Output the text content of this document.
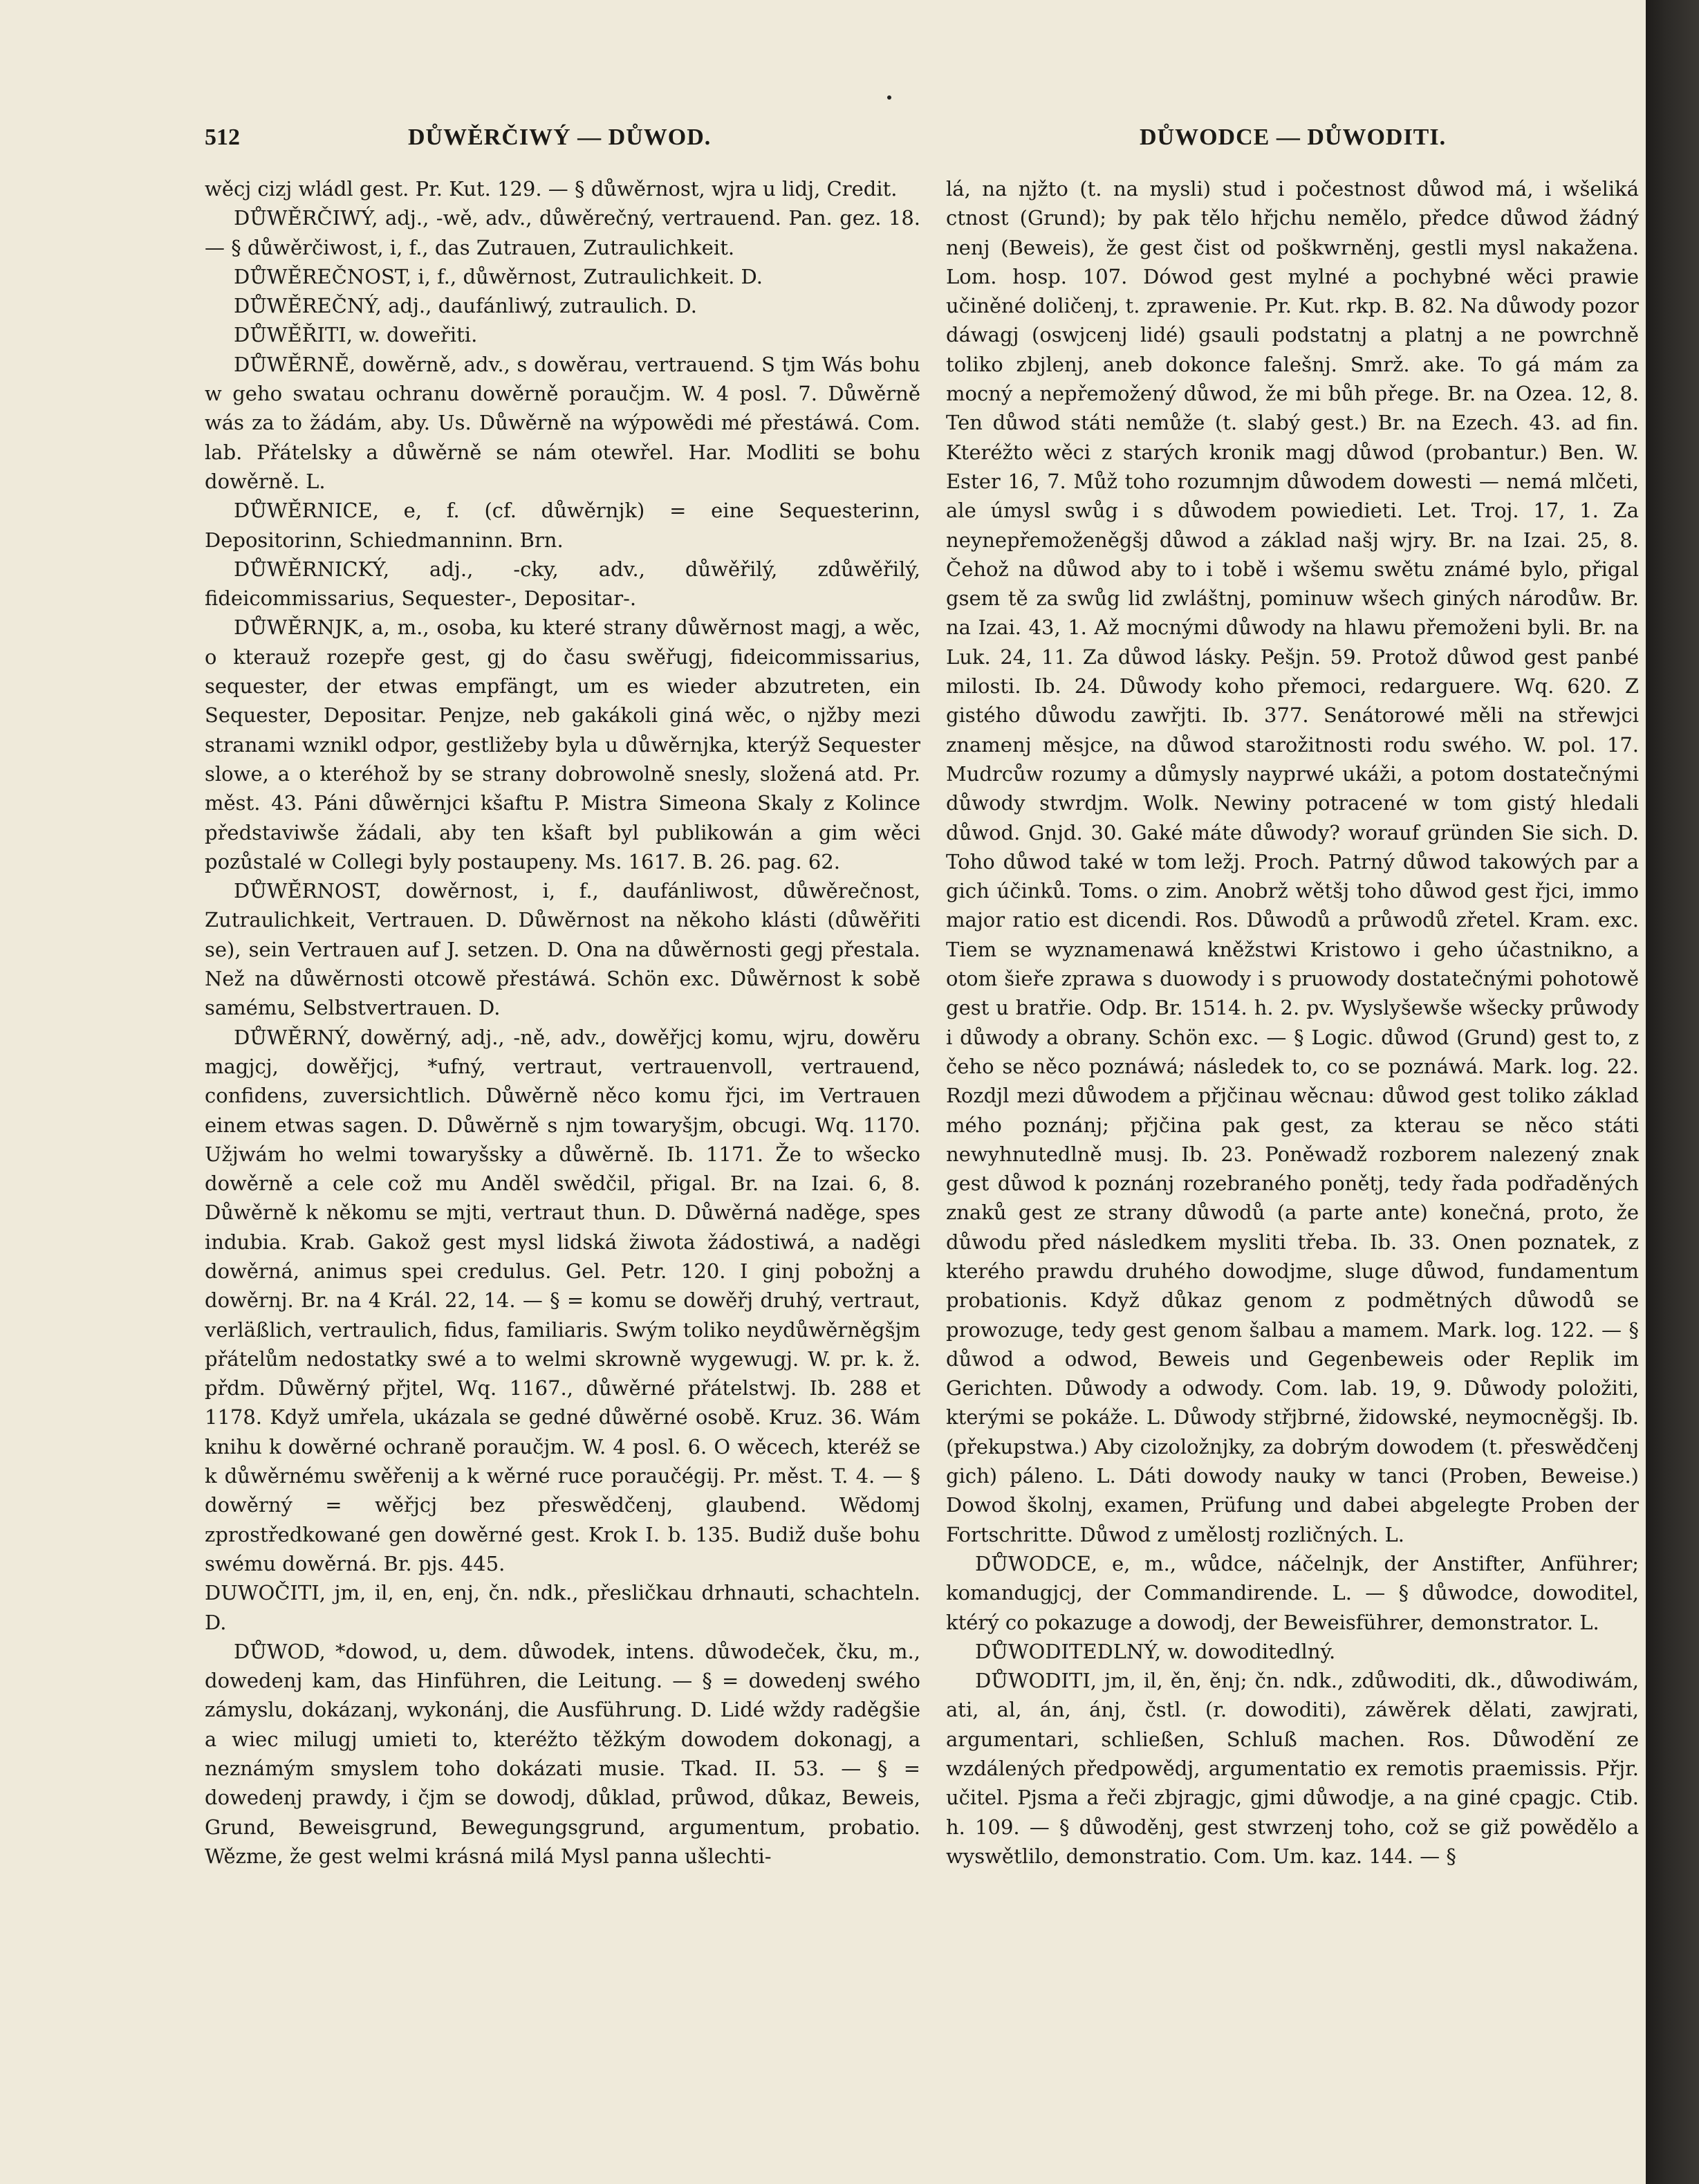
512	DŮWĚRČIWÝ — DŮWOD.	DŮWODCE — DŮWODITI.

wěcj cizj wládl gest. Pr. Kut. 129. — § důwěrnost, wjra u lidj, Credit.

DŮWĚRČIWÝ, adj., -wě, adv., důwěrečný, vertrauend. Pan. gez. 18. — § důwěrčiwost, i, f., das Zutrauen, Zutraulichkeit.

DŮWĚREČNOST, i, f., důwěrnost, Zutraulichkeit. D.

DŮWĚREČNÝ, adj., daufánliwý, zutraulich. D.

DŮWĚŘITI, w. doweřiti.

DŮWĚRNĚ, dowěrně, adv., s dowěrau, vertrauend. S tjm Wás bohu w geho swatau ochranu dowěrně poraučjm. W. 4 posl. 7. Důwěrně wás za to žádám, aby. Us. Důwěrně na wýpowědi mé přestáwá. Com. lab. Přátelsky a důwěrně se nám otewřel. Har. Modliti se bohu dowěrně. L.

DŮWĚRNICE, e, f. (cf. důwěrnjk) = eine Sequesterinn, Depositorinn, Schiedmanninn. Brn.

DŮWĚRNICKÝ, adj., -cky, adv., důwěřilý, zdůwěřilý, fideicommissarius, Sequester-, Depositar-.

DŮWĚRNJK, a, m., osoba, ku které strany důwěrnost magj, a wěc, o kterauž rozepře gest, gj do času swěřugj, fideicommissarius, sequester, der etwas empfängt, um es wieder abzutreten, ein Sequester, Depositar. Penjze, neb gakákoli giná wěc, o njžby mezi stranami wznikl odpor, gestližeby byla u důwěrnjka, kterýž Sequester slowe, a o kteréhož by se strany dobrowolně snesly, složená atd. Pr. měst. 43. Páni důwěrnjci kšaftu P. Mistra Simeona Skaly z Kolince představiwše žádali, aby ten kšaft byl publikowán a gim wěci pozůstalé w Collegi byly postaupeny. Ms. 1617. B. 26. pag. 62.

DŮWĚRNOST, dowěrnost, i, f., daufánliwost, důwěrečnost, Zutraulichkeit, Vertrauen. D. Důwěrnost na někoho klásti (důwěřiti se), sein Vertrauen auf J. setzen. D. Ona na důwěrnosti gegj přestala. Než na důwěrnosti otcowě přestáwá. Schön exc. Důwěrnost k sobě samému, Selbstvertrauen. D.

DŮWĚRNÝ, dowěrný, adj., -ně, adv., dowěřjcj komu, wjru, dowěru magjcj, dowěřjcj, *ufný, vertraut, vertrauenvoll, vertrauend, confidens, zuversichtlich. Důwěrně něco komu řjci, im Vertrauen einem etwas sagen. D. Důwěrně s njm towaryšjm, obcugi. Wq. 1170. Užjwám ho welmi towaryšsky a důwěrně. Ib. 1171. Že to wšecko dowěrně a cele což mu Anděl swědčil, přigal. Br. na Izai. 6, 8. Důwěrně k někomu se mjti, vertraut thun. D. Důwěrná naděge, spes indubia. Krab. Gakož gest mysl lidská žiwota žádostiwá, a naděgi dowěrná, animus spei credulus. Gel. Petr. 120. I ginj pobožnj a dowěrnj. Br. na 4 Král. 22, 14. — § = komu se dowěřj druhý, vertraut, verläßlich, vertraulich, fidus, familiaris. Swým toliko neydůwěrněgšjm přátelům nedostatky swé a to welmi skrowně wygewugj. W. pr. k. ž. přdm. Důwěrný přjtel, Wq. 1167., důwěrné přátelstwj. Ib. 288 et 1178. Když umřela, ukázala se gedné důwěrné osobě. Kruz. 36. Wám knihu k dowěrné ochraně poraučjm. W. 4 posl. 6. O wěcech, kteréž se k důwěrnému swěřenij a k wěrné ruce poraučégij. Pr. měst. T. 4. — § dowěrný = wěřjcj bez přeswědčenj, glaubend. Wědomj zprostředkowané gen dowěrné gest. Krok I. b. 135. Budiž duše bohu swému dowěrná. Br. pjs. 445.

DUWOČITI, jm, il, en, enj, čn. ndk., přesličkau drhnauti, schachteln. D.

DŮWOD, *dowod, u, dem. důwodek, intens. důwodeček, čku, m., dowedenj kam, das Hinführen, die Leitung. — § = dowedenj swého zámyslu, dokázanj, wykonánj, die Ausführung. D. Lidé wždy raděgšie a wiec milugj umieti to, kteréžto těžkým dowodem dokonagj, a neznámým smyslem toho dokázati musie. Tkad. II. 53. — § = dowedenj prawdy, i čjm se dowodj, důklad, průwod, důkaz, Beweis, Grund, Beweisgrund, Bewegungsgrund, argumentum, probatio. Wězme, že gest welmi krásná milá Mysl panna ušlechti-

lá, na njžto (t. na mysli) stud i počestnost důwod má, i wšeliká ctnost (Grund); by pak tělo hřjchu nemělo, předce důwod žádný nenj (Beweis), že gest čist od poškwrněnj, gestli mysl nakažena. Lom. hosp. 107. Dówod gest mylné a pochybné wěci prawie učiněné doličenj, t. zprawenie. Pr. Kut. rkp. B. 82. Na důwody pozor dáwagj (oswjcenj lidé) gsauli podstatnj a platnj a ne powrchně toliko zbjlenj, aneb dokonce falešnj. Smrž. ake. To gá mám za mocný a nepřemožený důwod, že mi bůh přege. Br. na Ozea. 12, 8. Ten důwod státi nemůže (t. slabý gest.) Br. na Ezech. 43. ad fin. Kteréžto wěci z starých kronik magj důwod (probantur.) Ben. W. Ester 16, 7. Můž toho rozumnjm důwodem dowesti — nemá mlčeti, ale úmysl swůg i s důwodem powiedieti. Let. Troj. 17, 1. Za neynepřemoženěgšj důwod a základ našj wjry. Br. na Izai. 25, 8. Čehož na důwod aby to i tobě i wšemu swětu známé bylo, přigal gsem tě za swůg lid zwláštnj, pominuw wšech giných národůw. Br. na Izai. 43, 1. Až mocnými důwody na hlawu přemoženi byli. Br. na Luk. 24, 11. Za důwod lásky. Pešjn. 59. Protož důwod gest panbé milosti. Ib. 24. Důwody koho přemoci, redarguere. Wq. 620. Z gistého důwodu zawřjti. Ib. 377. Senátorowé měli na střewjci znamenj měsjce, na důwod starožitnosti rodu swého. W. pol. 17. Mudrcůw rozumy a důmysly nayprwé ukáži, a potom dostatečnými důwody stwrdjm. Wolk. Newiny potracené w tom gistý hledali důwod. Gnjd. 30. Gaké máte důwody? worauf gründen Sie sich. D. Toho důwod také w tom ležj. Proch. Patrný důwod takowých par a gich účinků. Toms. o zim. Anobrž wětšj toho důwod gest řjci, immo major ratio est dicendi. Ros. Důwodů a průwodů zřetel. Kram. exc. Tiem se wyznamenawá kněžstwi Kristowo i geho účastnikno, a otom šieře zprawa s duowody i s pruowody dostatečnými pohotowě gest u bratřie. Odp. Br. 1514. h. 2. pv. Wyslyšewše wšecky průwody i důwody a obrany. Schön exc. — § Logic. důwod (Grund) gest to, z čeho se něco poznáwá; následek to, co se poznáwá. Mark. log. 22. Rozdjl mezi důwodem a přjčinau wěcnau: důwod gest toliko základ mého poznánj; přjčina pak gest, za kterau se něco státi newyhnutedlně musj. Ib. 23. Poněwadž rozborem nalezený znak gest důwod k poznánj rozebraného ponětj, tedy řada podřaděných znaků gest ze strany důwodů (a parte ante) konečná, proto, že důwodu před následkem mysliti třeba. Ib. 33. Onen poznatek, z kterého prawdu druhého dowodjme, sluge důwod, fundamentum probationis. Když důkaz genom z podmětných důwodů se prowozuge, tedy gest genom šalbau a mamem. Mark. log. 122. — § důwod a odwod, Beweis und Gegenbeweis oder Replik im Gerichten. Důwody a odwody. Com. lab. 19, 9. Důwody položiti, kterými se pokáže. L. Důwody střjbrné, židowské, neymocněgšj. Ib. (překupstwa.) Aby cizoložnjky, za dobrým dowodem (t. přeswědčenj gich) páleno. L. Dáti dowody nauky w tanci (Proben, Beweise.) Dowod školnj, examen, Prüfung und dabei abgelegte Proben der Fortschritte. Důwod z umělostj rozličných. L.

DŮWODCE, e, m., wůdce, náčelnjk, der Anstifter, Anführer; komandugjcj, der Commandirende. L. — § důwodce, dowoditel, ktérý co pokazuge a dowodj, der Beweisführer, demonstrator. L.

DŮWODITEDLNÝ, w. dowoditedlný.

DŮWODITI, jm, il, ěn, ěnj; čn. ndk., zdůwoditi, dk., důwodiwám, ati, al, án, ánj, čstl. (r. dowoditi), záwěrek dělati, zawjrati, argumentari, schließen, Schluß machen. Ros. Důwodění ze wzdálených předpowědj, argumentatio ex remotis praemissis. Přjr. učitel. Pjsma a řeči zbjragjc, gjmi důwodje, a na giné cpagjc. Ctib. h. 109. — § důwoděnj, gest stwrzenj toho, což se giž powědělo a wyswětlilo, demonstratio. Com. Um. kaz. 144. — §
